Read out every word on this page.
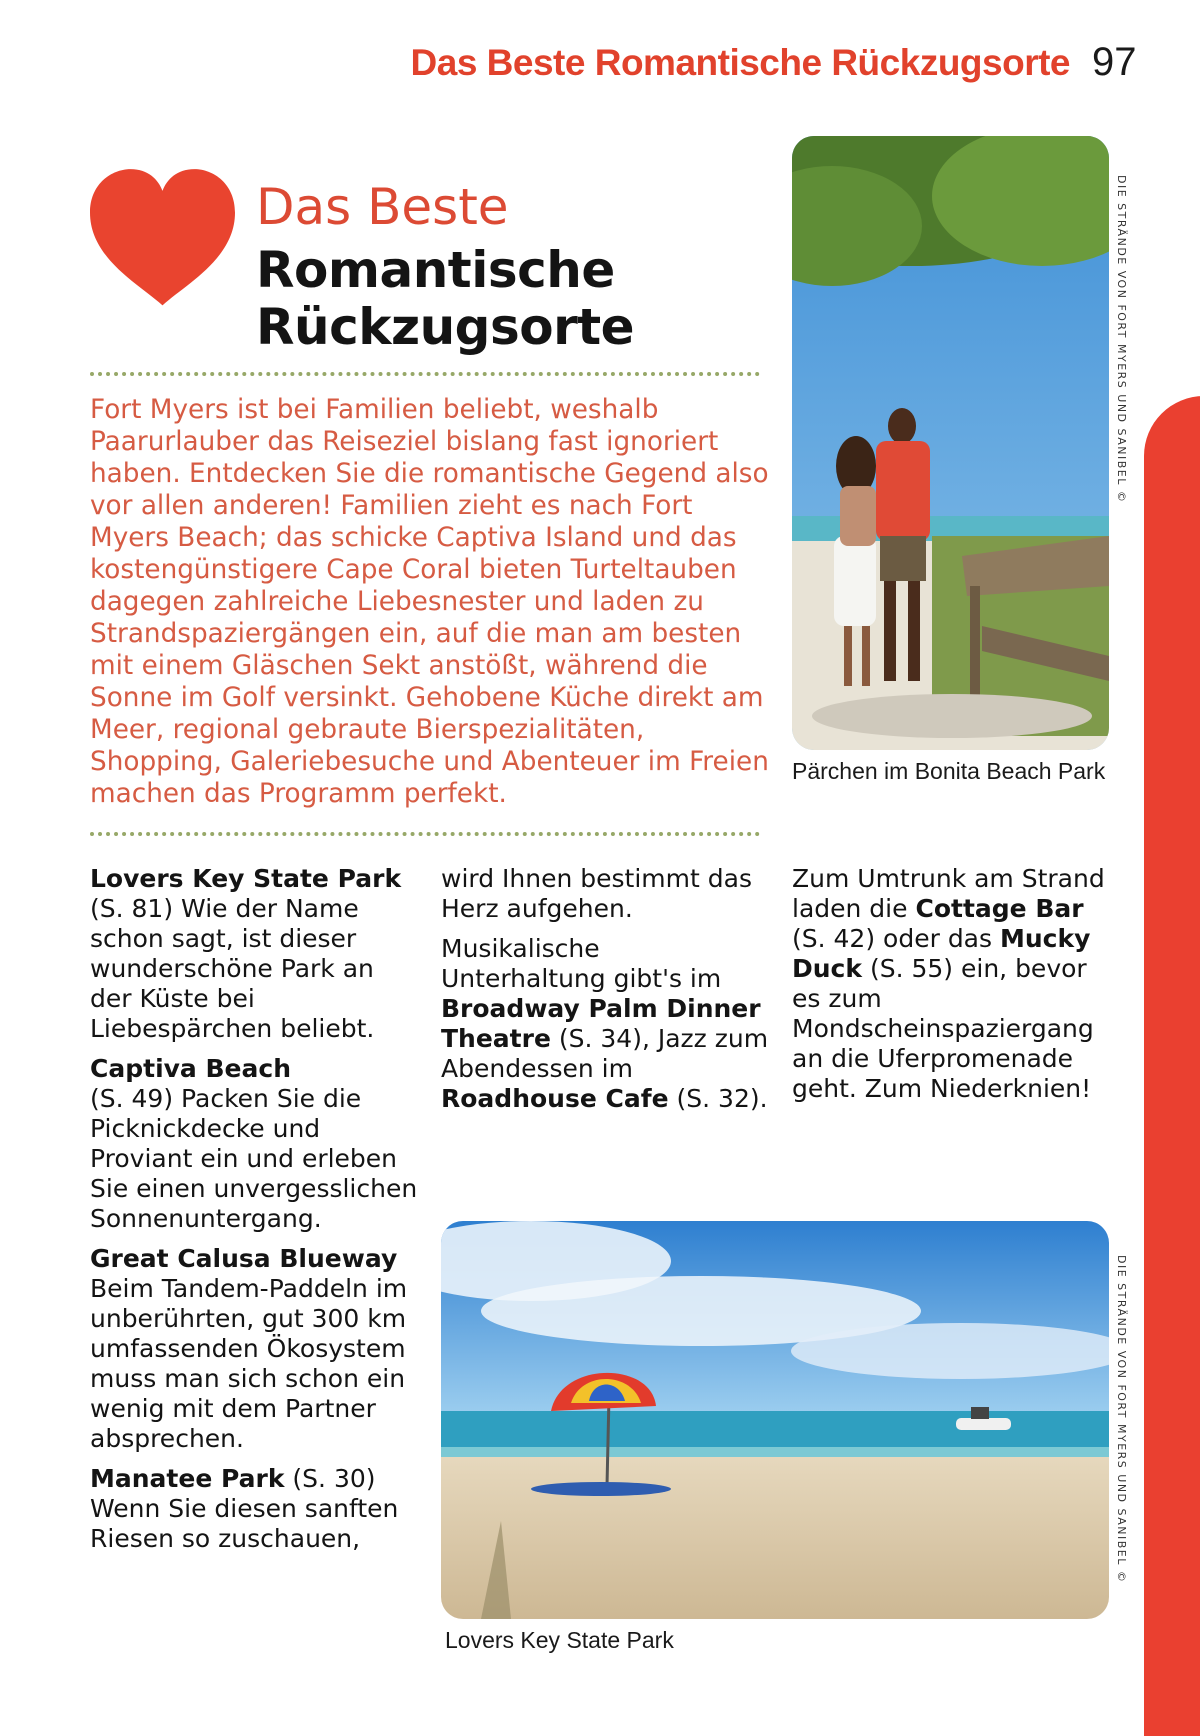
Das Beste Romantische Rückzugsorte 97
Das Beste
Romantische
Rückzugsorte

Fort Myers ist bei Familien beliebt, weshalb Paarurlauber das Reiseziel bislang fast ignoriert haben. Entdecken Sie die romantische Gegend also vor allen anderen! Familien zieht es nach Fort Myers Beach; das schicke Captiva Island und das kostengünstigere Cape Coral bieten Turteltauben dagegen zahlreiche Liebesnester und laden zu Strandspaziergängen ein, auf die man am besten mit einem Gläschen Sekt anstößt, während die Sonne im Golf versinkt. Gehobene Küche direkt am Meer, regional gebraute Bierspezialitäten, Shopping, Galeriebesuche und Abenteuer im Freien machen das Programm perfekt.

DIE STRÄNDE VON FORT MYERS UND SANIBEL ©
Pärchen im Bonita Beach Park

Lovers Key State Park (S. 81) Wie der Name schon sagt, ist dieser wunderschöne Park an der Küste bei Liebespärchen beliebt.

Captiva Beach
(S. 49) Packen Sie die Picknickdecke und Proviant ein und erleben Sie einen unvergesslichen Sonnenuntergang.

Great Calusa Blueway
Beim Tandem-Paddeln im unberührten, gut 300 km umfassenden Ökosystem muss man sich schon ein wenig mit dem Partner absprechen.

Manatee Park (S. 30) Wenn Sie diesen sanften Riesen so zuschauen,

wird Ihnen bestimmt das Herz aufgehen.

Musikalische Unterhaltung gibt's im Broadway Palm Dinner Theatre (S. 34), Jazz zum Abendessen im Roadhouse Cafe (S. 32).

Zum Umtrunk am Strand laden die Cottage Bar (S. 42) oder das Mucky Duck (S. 55) ein, bevor es zum Mondscheinspaziergang an die Uferpromenade geht. Zum Niederknien!

DIE STRÄNDE VON FORT MYERS UND SANIBEL ©
Lovers Key State Park
